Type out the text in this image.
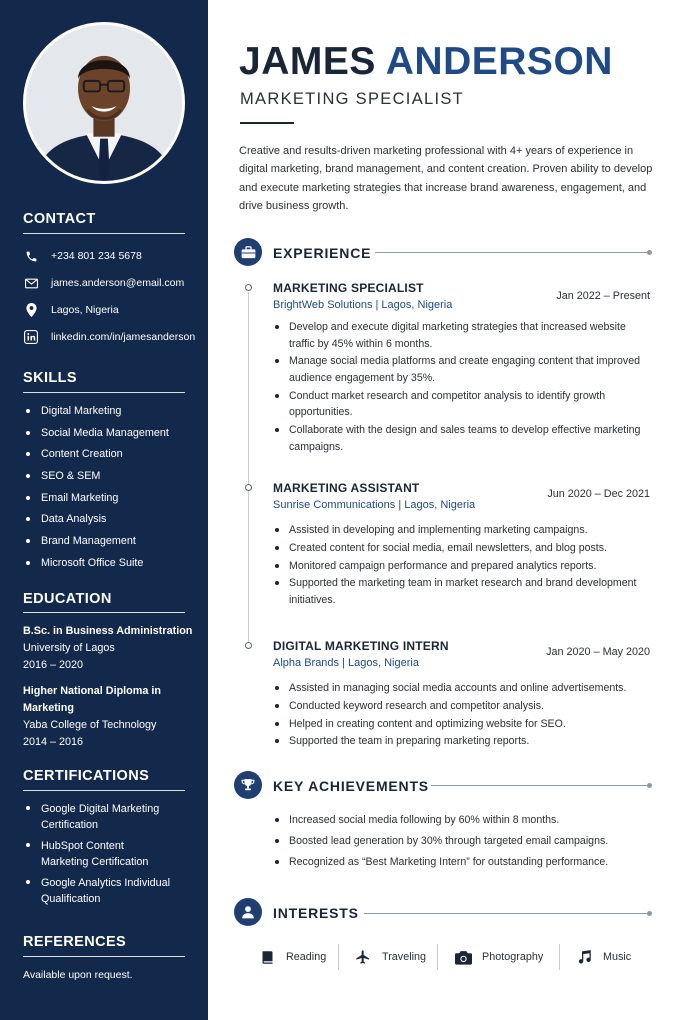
CONTACT
+234 801 234 5678
james.anderson@email.com
Lagos, Nigeria
linkedin.com/in/jamesanderson
SKILLS
Digital Marketing
Social Media Management
Content Creation
SEO & SEM
Email Marketing
Data Analysis
Brand Management
Microsoft Office Suite
EDUCATION
B.Sc. in Business Administration
University of Lagos
2016 – 2020
Higher National Diploma in Marketing
Yaba College of Technology
2014 – 2016
CERTIFICATIONS
Google Digital Marketing Certification
HubSpot Content Marketing Certification
Google Analytics Individual Qualification
REFERENCES
Available upon request.
JAMES ANDERSON
MARKETING SPECIALIST

Creative and results-driven marketing professional with 4+ years of experience in digital marketing, brand management, and content creation. Proven ability to develop and execute marketing strategies that increase brand awareness, engagement, and drive business growth.

EXPERIENCE
MARKETING SPECIALIST
BrightWeb Solutions | Lagos, Nigeria
Jan 2022 – Present
Develop and execute digital marketing strategies that increased website traffic by 45% within 6 months.
Manage social media platforms and create engaging content that improved audience engagement by 35%.
Conduct market research and competitor analysis to identify growth opportunities.
Collaborate with the design and sales teams to develop effective marketing campaigns.
MARKETING ASSISTANT
Sunrise Communications | Lagos, Nigeria
Jun 2020 – Dec 2021
Assisted in developing and implementing marketing campaigns.
Created content for social media, email newsletters, and blog posts.
Monitored campaign performance and prepared analytics reports.
Supported the marketing team in market research and brand development initiatives.
DIGITAL MARKETING INTERN
Alpha Brands | Lagos, Nigeria
Jan 2020 – May 2020
Assisted in managing social media accounts and online advertisements.
Conducted keyword research and competitor analysis.
Helped in creating content and optimizing website for SEO.
Supported the team in preparing marketing reports.
KEY ACHIEVEMENTS
Increased social media following by 60% within 8 months.
Boosted lead generation by 30% through targeted email campaigns.
Recognized as “Best Marketing Intern” for outstanding performance.
INTERESTS
Reading	Traveling	Photography	Music
